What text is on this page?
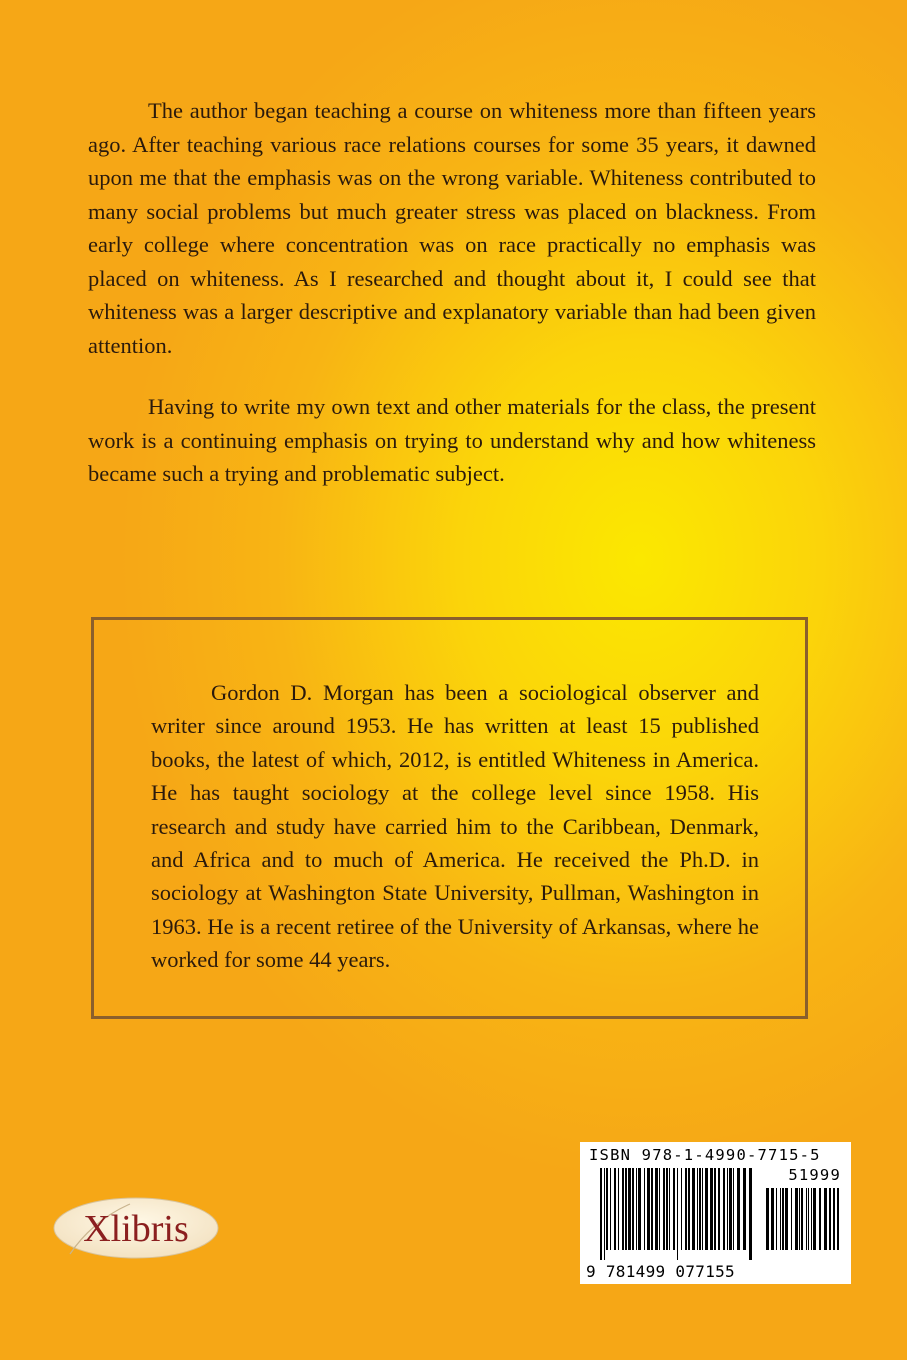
The author began teaching a course on whiteness more than fifteen years ago. After teaching various race relations courses for some 35 years, it dawned upon me that the emphasis was on the wrong variable. Whiteness contributed to many social problems but much greater stress was placed on blackness. From early college where concentration was on race practically no emphasis was placed on whiteness. As I researched and thought about it, I could see that whiteness was a larger descriptive and explanatory variable than had been given attention.

Having to write my own text and other materials for the class, the present work is a continuing emphasis on trying to understand why and how whiteness became such a trying and problematic subject.

Gordon D. Morgan has been a sociological observer and writer since around 1953. He has written at least 15 published books, the latest of which, 2012, is entitled Whiteness in America. He has taught sociology at the college level since 1958. His research and study have carried him to the Caribbean, Denmark, and Africa and to much of America. He received the Ph.D. in sociology at Washington State University, Pullman, Washington in 1963. He is a recent retiree of the University of Arkansas, where he worked for some 44 years.

Xlibris
ISBN 978-1-4990-7715-5
51999
9 781499 077155
